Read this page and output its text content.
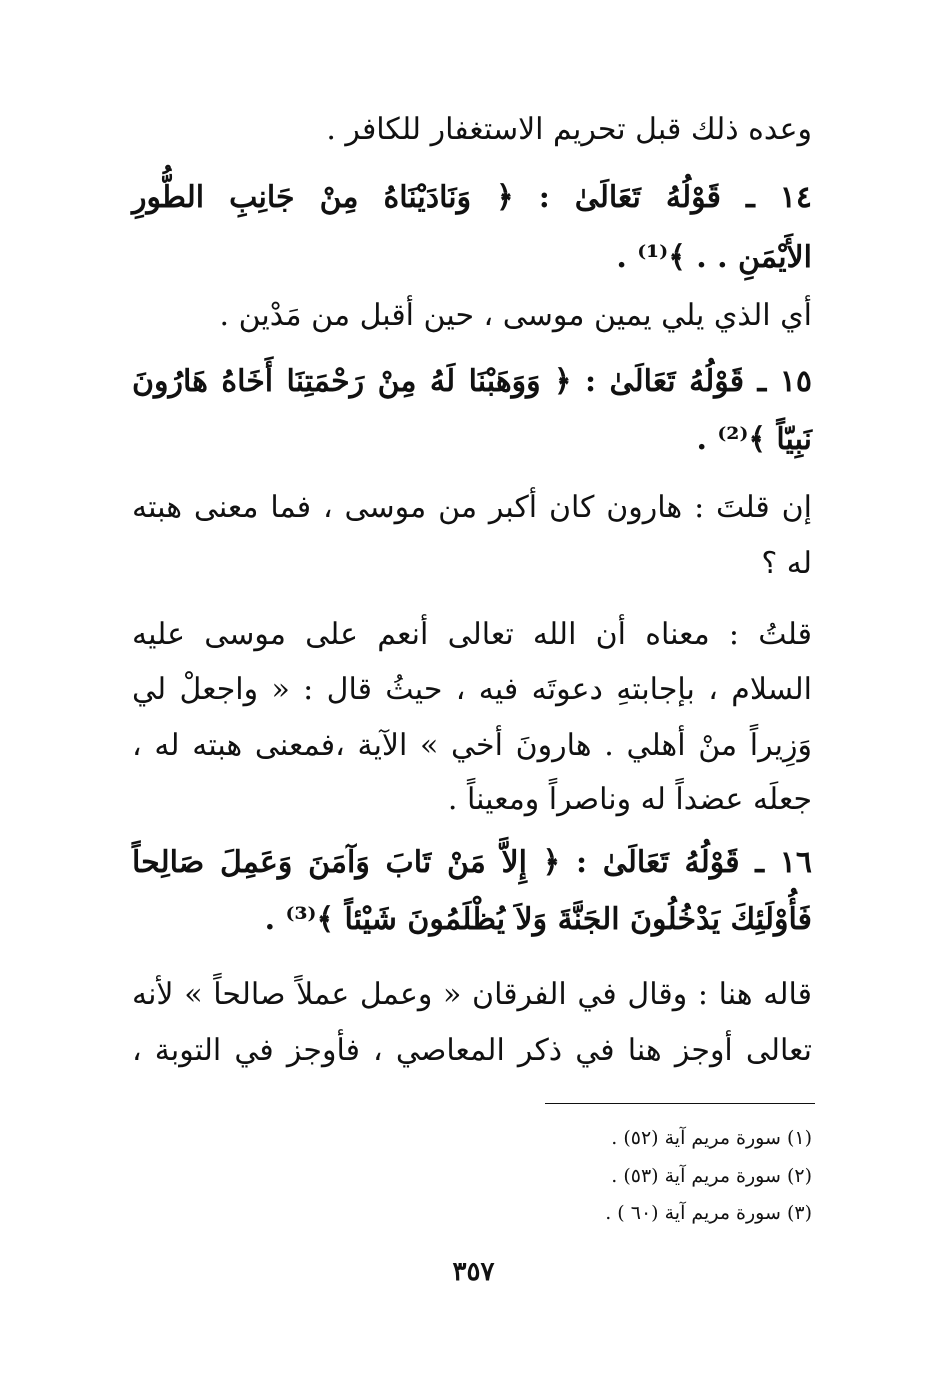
وعده ذلك قبل تحريم الاستغفار للكافر .
١٤ ـ قَوْلُهُ تَعَالَىٰ : ﴿ وَنَادَيْنَاهُ مِنْ جَانِبِ الطُّورِ
الأَيْمَنِ . . ﴾⁽¹⁾ .
أي الذي يلي يمين موسى ، حين أقبل من مَدْين .
١٥ ـ قَوْلُهُ تَعَالَىٰ : ﴿ وَوَهَبْنَا لَهُ مِنْ رَحْمَتِنَا أَخَاهُ هَارُونَ
نَبِيّاً ﴾⁽²⁾ .
إن قلتَ : هارون كان أكبر من موسى ، فما معنى هبته
له ؟
قلتُ : معناه أن الله تعالى أنعم على موسى عليه
السلام ، بإجابتهِ دعوتَه فيه ، حيثُ قال : « واجعلْ لي
وَزِيراً منْ أهلي . هارونَ أخي » الآية ،فمعنى هبته له ،
جعلَه عضداً له وناصراً ومعيناً .
١٦ ـ قَوْلُهُ تَعَالَىٰ : ﴿ إِلاَّ مَنْ تَابَ وَآمَنَ وَعَمِلَ صَالِحاً
فَأُوْلَئِكَ يَدْخُلُونَ الجَنَّةَ وَلاَ يُظْلَمُونَ شَيْئاً ﴾⁽³⁾ .
قاله هنا : وقال في الفرقان « وعمل عملاً صالحاً » لأنه
تعالى أوجز هنا في ذكر المعاصي ، فأوجز في التوبة ،
(١) سورة مريم آية (٥٢) .
(٢) سورة مريم آية (٥٣) .
(٣) سورة مريم آية (٦٠ ) .
٣٥٧
